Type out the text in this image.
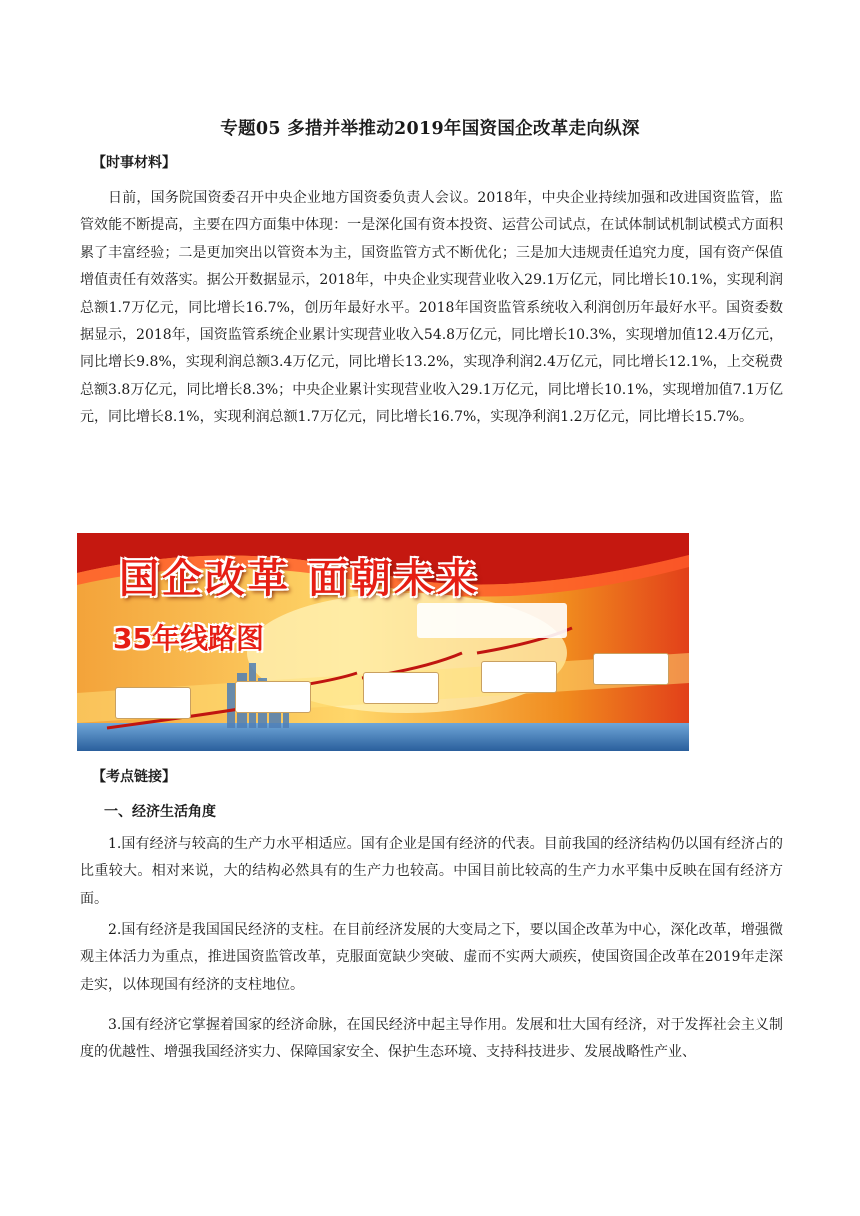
专题05 多措并举推动2019年国资国企改革走向纵深
【时事材料】

日前，国务院国资委召开中央企业地方国资委负责人会议。2018年，中央企业持续加强和改进国资监管，监管效能不断提高，主要在四方面集中体现：一是深化国有资本投资、运营公司试点，在试体制试机制试模式方面积累了丰富经验；二是更加突出以管资本为主，国资监管方式不断优化；三是加大违规责任追究力度，国有资产保值增值责任有效落实。据公开数据显示，2018年，中央企业实现营业收入29.1万亿元，同比增长10.1%，实现利润总额1.7万亿元，同比增长16.7%，创历年最好水平。2018年国资监管系统收入利润创历年最好水平。国资委数据显示，2018年，国资监管系统企业累计实现营业收入54.8万亿元，同比增长10.3%，实现增加值12.4万亿元，同比增长9.8%，实现利润总额3.4万亿元，同比增长13.2%，实现净利润2.4万亿元，同比增长12.1%，上交税费总额3.8万亿元，同比增长8.3%；中央企业累计实现营业收入29.1万亿元，同比增长10.1%，实现增加值7.1万亿元，同比增长8.1%，实现利润总额1.7万亿元，同比增长16.7%，实现净利润1.2万亿元，同比增长15.7%。

国企改革 面朝未来
35年线路图
【考点链接】
一、经济生活角度

1.国有经济与较高的生产力水平相适应。国有企业是国有经济的代表。目前我国的经济结构仍以国有经济占的比重较大。相对来说，大的结构必然具有的生产力也较高。中国目前比较高的生产力水平集中反映在国有经济方面。

2.国有经济是我国国民经济的支柱。在目前经济发展的大变局之下，要以国企改革为中心，深化改革，增强微观主体活力为重点，推进国资监管改革，克服面宽缺少突破、虚而不实两大顽疾，使国资国企改革在2019年走深走实，以体现国有经济的支柱地位。

3.国有经济它掌握着国家的经济命脉，在国民经济中起主导作用。发展和壮大国有经济，对于发挥社会主义制度的优越性、增强我国经济实力、保障国家安全、保护生态环境、支持科技进步、发展战略性产业、
